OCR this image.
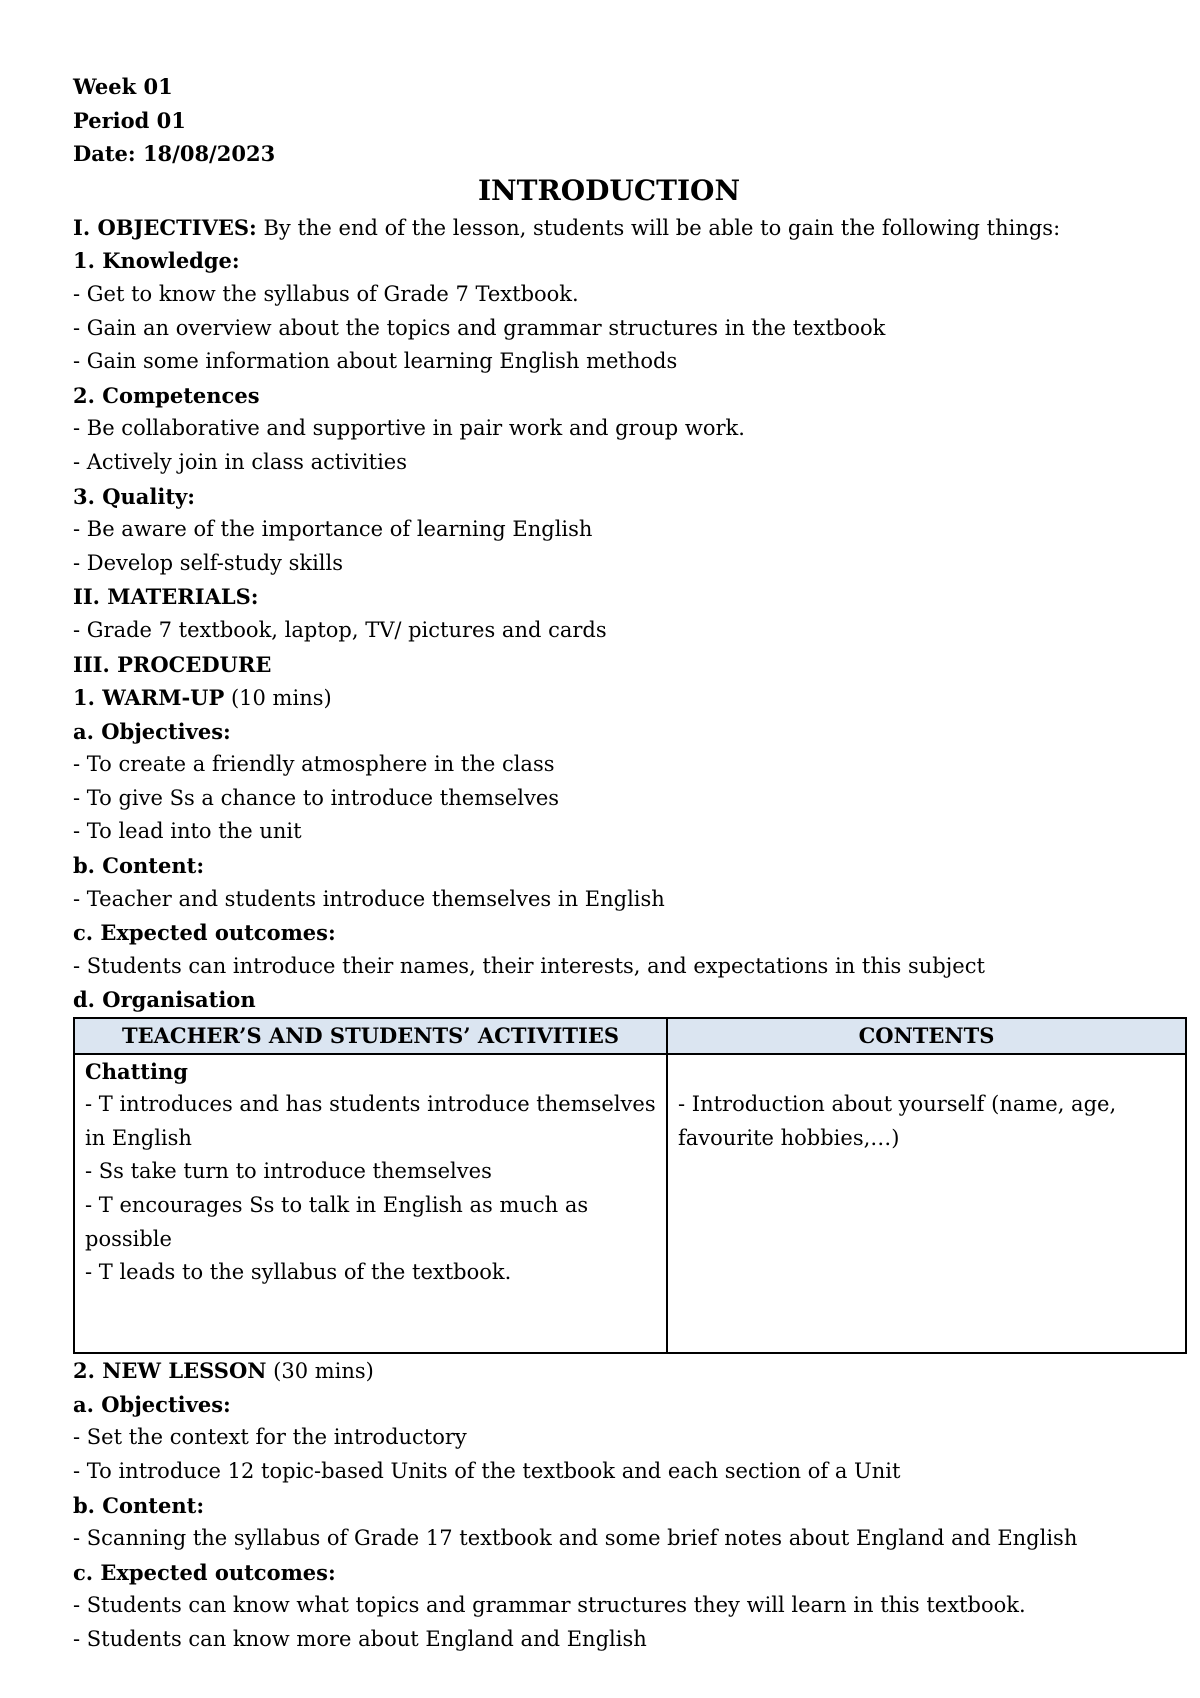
Week 01
Period 01
Date: 18/08/2023
INTRODUCTION
I. OBJECTIVES: By the end of the lesson, students will be able to gain the following things:
1. Knowledge:
- Get to know the syllabus of Grade 7 Textbook.
- Gain an overview about the topics and grammar structures in the textbook
- Gain some information about learning English methods
2. Competences
- Be collaborative and supportive in pair work and group work.
- Actively join in class activities
3. Quality:
- Be aware of the importance of learning English
- Develop self-study skills
II. MATERIALS:
- Grade 7 textbook, laptop, TV/ pictures and cards
III. PROCEDURE
1. WARM-UP (10 mins)
a. Objectives:
- To create a friendly atmosphere in the class
- To give Ss a chance to introduce themselves
- To lead into the unit
b. Content:
- Teacher and students introduce themselves in English
c. Expected outcomes:
- Students can introduce their names, their interests, and expectations in this subject
d. Organisation
TEACHER’S AND STUDENTS’ ACTIVITIES	CONTENTS

Chatting
- T introduces and has students introduce themselves in English
- Ss take turn to introduce themselves
- T encourages Ss to talk in English as much as possible
- T leads to the syllabus of the textbook.	- Introduction about yourself (name, age, favourite hobbies,…)
2. NEW LESSON (30 mins)
a. Objectives:
- Set the context for the introductory
- To introduce 12 topic-based Units of the textbook and each section of a Unit
b. Content:
- Scanning the syllabus of Grade 17 textbook and some brief notes about England and English
c. Expected outcomes:
- Students can know what topics and grammar structures they will learn in this textbook.
- Students can know more about England and English
